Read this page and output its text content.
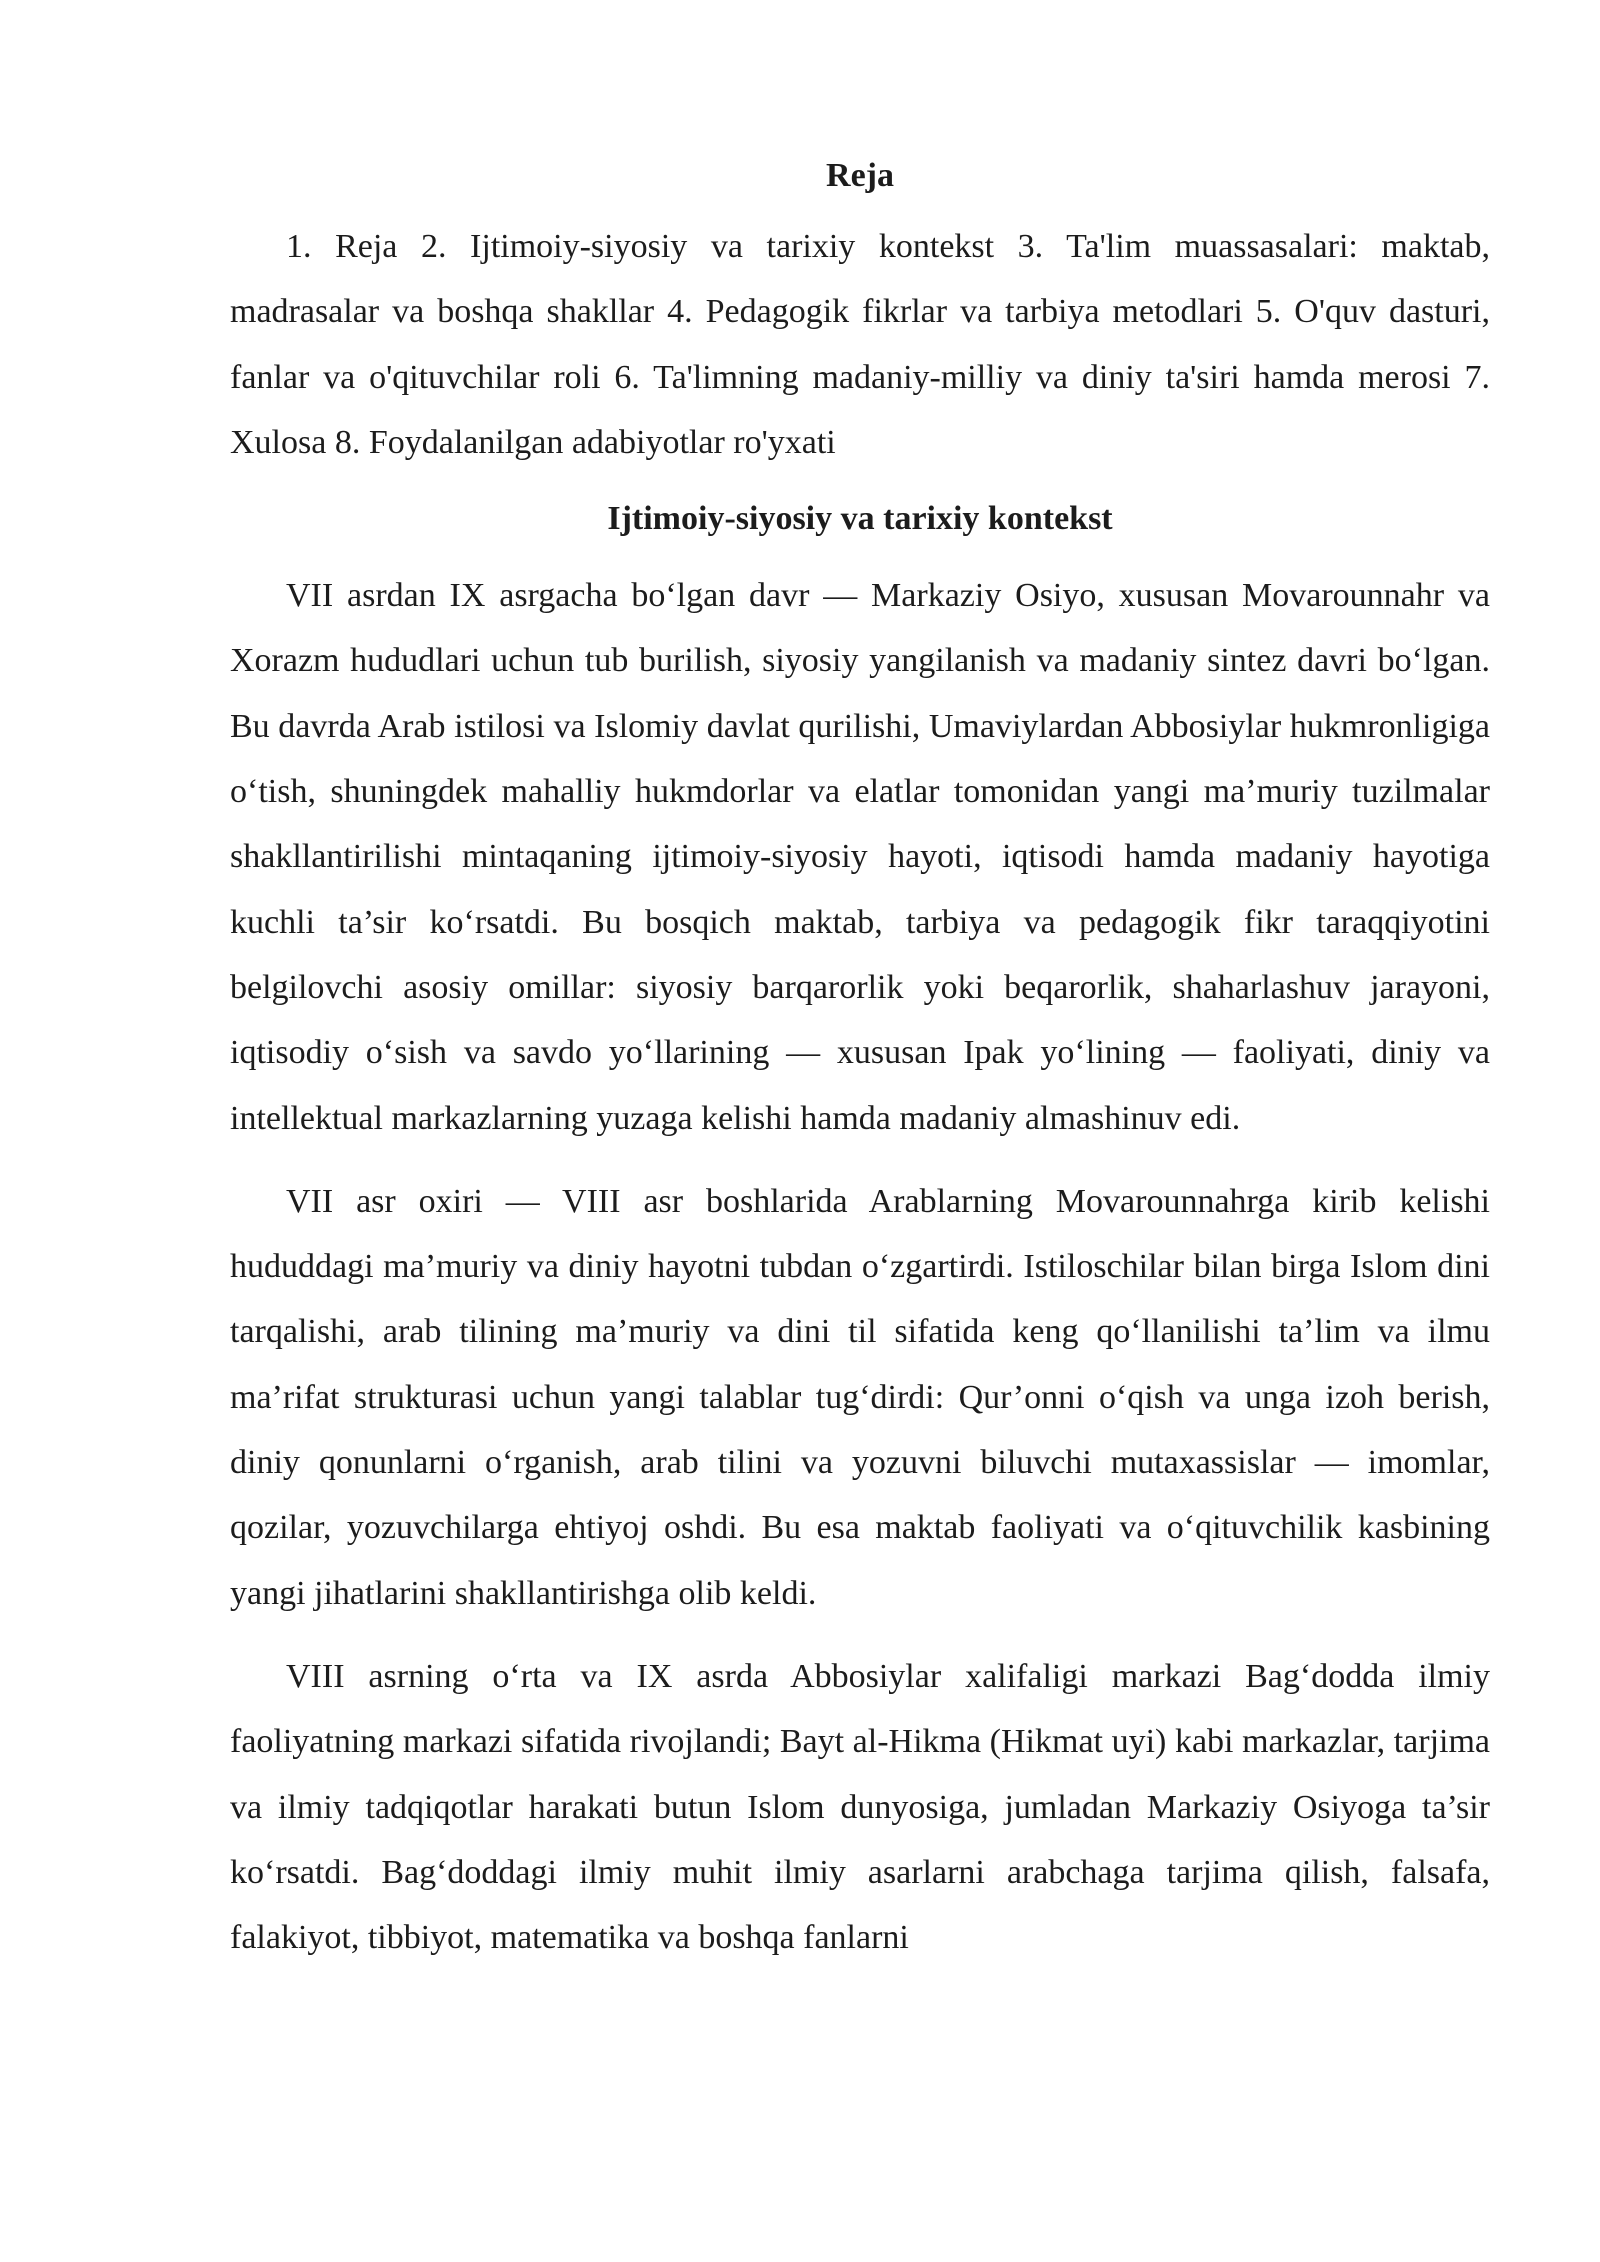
Reja

1. Reja 2. Ijtimoiy-siyosiy va tarixiy kontekst 3. Ta'lim muassasalari: maktab, madrasalar va boshqa shakllar 4. Pedagogik fikrlar va tarbiya metodlari 5. O'quv dasturi, fanlar va o'qituvchilar roli 6. Ta'limning madaniy-milliy va diniy ta'siri hamda merosi 7. Xulosa 8. Foydalanilgan adabiyotlar ro'yxati

Ijtimoiy-siyosiy va tarixiy kontekst

VII asrdan IX asrgacha bo‘lgan davr — Markaziy Osiyo, xususan Movarounnahr va Xorazm hududlari uchun tub burilish, siyosiy yangilanish va madaniy sintez davri bo‘lgan. Bu davrda Arab istilosi va Islomiy davlat qurilishi, Umaviylardan Abbosiylar hukmronligiga o‘tish, shuningdek mahalliy hukmdorlar va elatlar tomonidan yangi ma’muriy tuzilmalar shakllantirilishi mintaqaning ijtimoiy-siyosiy hayoti, iqtisodi hamda madaniy hayotiga kuchli ta’sir ko‘rsatdi. Bu bosqich maktab, tarbiya va pedagogik fikr taraqqiyotini belgilovchi asosiy omillar: siyosiy barqarorlik yoki beqarorlik, shaharlashuv jarayoni, iqtisodiy o‘sish va savdo yo‘llarining — xususan Ipak yo‘lining — faoliyati, diniy va intellektual markazlarning yuzaga kelishi hamda madaniy almashinuv edi.

VII asr oxiri — VIII asr boshlarida Arablarning Movarounnahrga kirib kelishi hududdagi ma’muriy va diniy hayotni tubdan o‘zgartirdi. Istiloschilar bilan birga Islom dini tarqalishi, arab tilining ma’muriy va dini til sifatida keng qo‘llanilishi ta’lim va ilmu ma’rifat strukturasi uchun yangi talablar tug‘dirdi: Qur’onni o‘qish va unga izoh berish, diniy qonunlarni o‘rganish, arab tilini va yozuvni biluvchi mutaxassislar — imomlar, qozilar, yozuvchilarga ehtiyoj oshdi. Bu esa maktab faoliyati va o‘qituvchilik kasbining yangi jihatlarini shakllantirishga olib keldi.

VIII asrning o‘rta va IX asrda Abbosiylar xalifaligi markazi Bag‘dodda ilmiy faoliyatning markazi sifatida rivojlandi; Bayt al-Hikma (Hikmat uyi) kabi markazlar, tarjima va ilmiy tadqiqotlar harakati butun Islom dunyosiga, jumladan Markaziy Osiyoga ta’sir ko‘rsatdi. Bag‘doddagi ilmiy muhit ilmiy asarlarni arabchaga tarjima qilish, falsafa, falakiyot, tibbiyot, matematika va boshqa fanlarni
